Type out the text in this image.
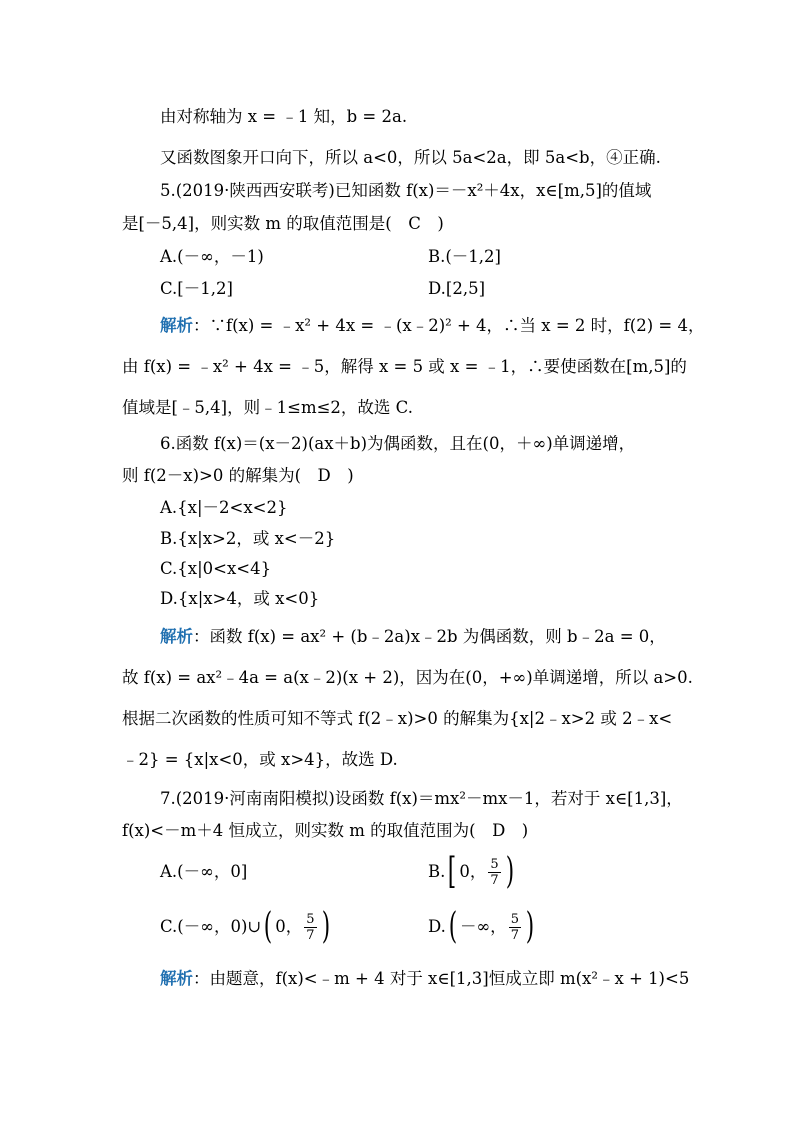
由对称轴为 x = ﹣1 知，b = 2a.
又函数图象开口向下，所以 a<0，所以 5a<2a，即 5a<b，④正确.
5.(2019·陕西西安联考)已知函数 f(x)＝－x²＋4x，x∈[m,5]的值域
是[－5,4]，则实数 m 的取值范围是(　C　)
A.(－∞，－1)	B.(－1,2]
C.[－1,2]	D.[2,5]
解析：∵f(x) = ﹣x² + 4x = ﹣(x﹣2)² + 4，∴当 x = 2 时，f(2) = 4，
由 f(x) = ﹣x² + 4x = ﹣5，解得 x = 5 或 x = ﹣1，∴要使函数在[m,5]的
值域是[﹣5,4]，则﹣1≤m≤2，故选 C.
6.函数 f(x)＝(x－2)(ax＋b)为偶函数，且在(0，＋∞)单调递增，
则 f(2－x)>0 的解集为(　D　)
A.{x|－2<x<2}
B.{x|x>2，或 x<－2}
C.{x|0<x<4}
D.{x|x>4，或 x<0}
解析：函数 f(x) = ax² + (b﹣2a)x﹣2b 为偶函数，则 b﹣2a = 0，
故 f(x) = ax²﹣4a = a(x﹣2)(x + 2)，因为在(0，+∞)单调递增，所以 a>0.
根据二次函数的性质可知不等式 f(2﹣x)>0 的解集为{x|2﹣x>2 或 2﹣x<
﹣2} = {x|x<0，或 x>4}，故选 D.
7.(2019·河南南阳模拟)设函数 f(x)＝mx²－mx－1，若对于 x∈[1,3]，
f(x)<－m＋4 恒成立，则实数 m 的取值范围为(　D　)
A.(－∞，0]	B. [ 0， $\frac{5}{7}$ )
C.(－∞，0)∪ ( 0， $\frac{5}{7}$ )	D. ( －∞， $\frac{5}{7}$ )
解析：由题意，f(x)<﹣m + 4 对于 x∈[1,3]恒成立即 m(x²﹣x + 1)<5
